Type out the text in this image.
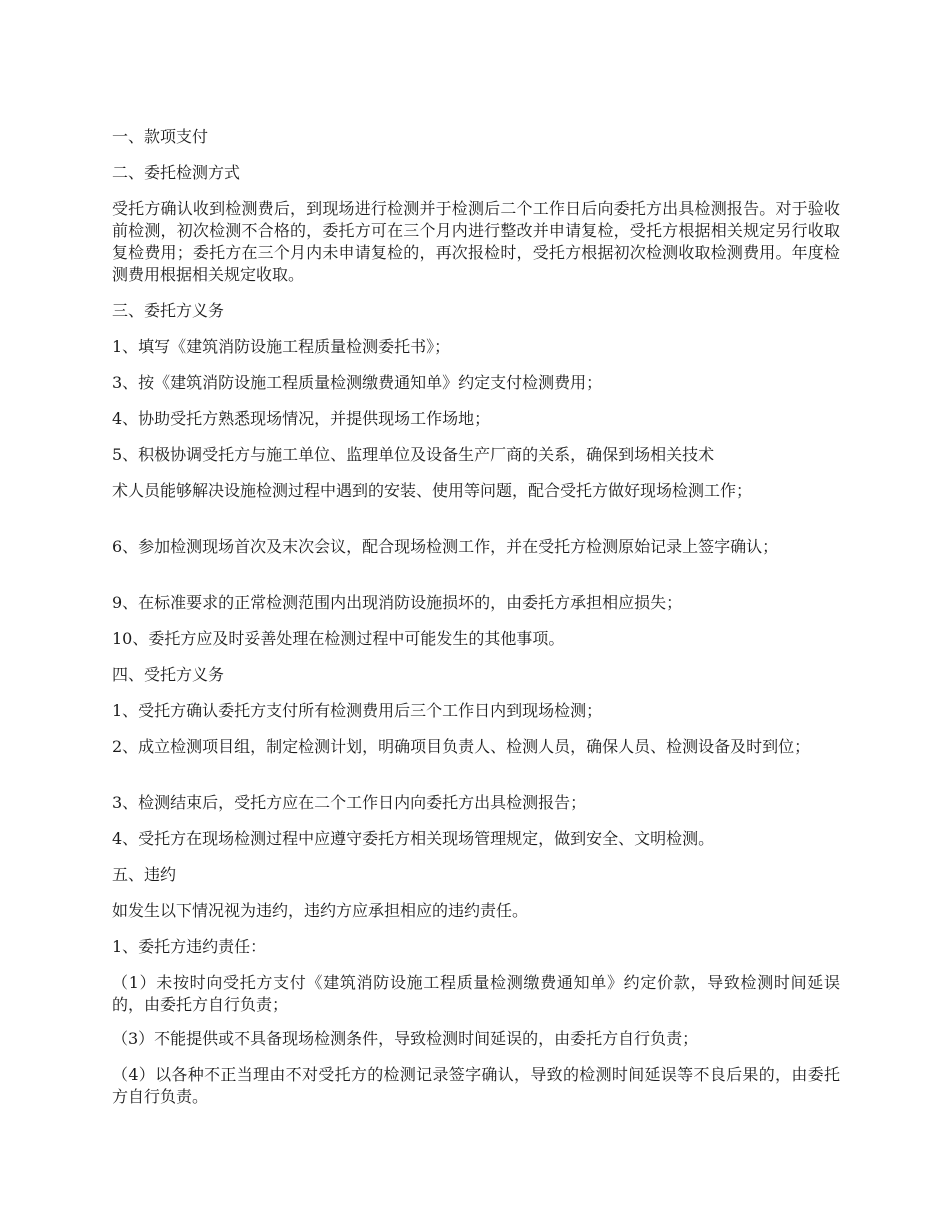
一、款项支付

二、委托检测方式

受托方确认收到检测费后，到现场进行检测并于检测后二个工作日后向委托方出具检测报告。对于验收前检测，初次检测不合格的，委托方可在三个月内进行整改并申请复检，受托方根据相关规定另行收取复检费用；委托方在三个月内未申请复检的，再次报检时，受托方根据初次检测收取检测费用。年度检测费用根据相关规定收取。

三、委托方义务

1、填写《建筑消防设施工程质量检测委托书》；

3、按《建筑消防设施工程质量检测缴费通知单》约定支付检测费用；

4、协助受托方熟悉现场情况，并提供现场工作场地；

5、积极协调受托方与施工单位、监理单位及设备生产厂商的关系，确保到场相关技术

术人员能够解决设施检测过程中遇到的安装、使用等问题，配合受托方做好现场检测工作；

6、参加检测现场首次及末次会议，配合现场检测工作，并在受托方检测原始记录上签字确认；

9、在标准要求的正常检测范围内出现消防设施损坏的，由委托方承担相应损失；

10、委托方应及时妥善处理在检测过程中可能发生的其他事项。

四、受托方义务

1、受托方确认委托方支付所有检测费用后三个工作日内到现场检测；

2、成立检测项目组，制定检测计划，明确项目负责人、检测人员，确保人员、检测设备及时到位；

3、检测结束后，受托方应在二个工作日内向委托方出具检测报告；

4、受托方在现场检测过程中应遵守委托方相关现场管理规定，做到安全、文明检测。

五、违约

如发生以下情况视为违约，违约方应承担相应的违约责任。

1、委托方违约责任：

（1）未按时向受托方支付《建筑消防设施工程质量检测缴费通知单》约定价款，导致检测时间延误的，由委托方自行负责；

（3）不能提供或不具备现场检测条件，导致检测时间延误的，由委托方自行负责；

（4）以各种不正当理由不对受托方的检测记录签字确认，导致的检测时间延误等不良后果的，由委托方自行负责。
